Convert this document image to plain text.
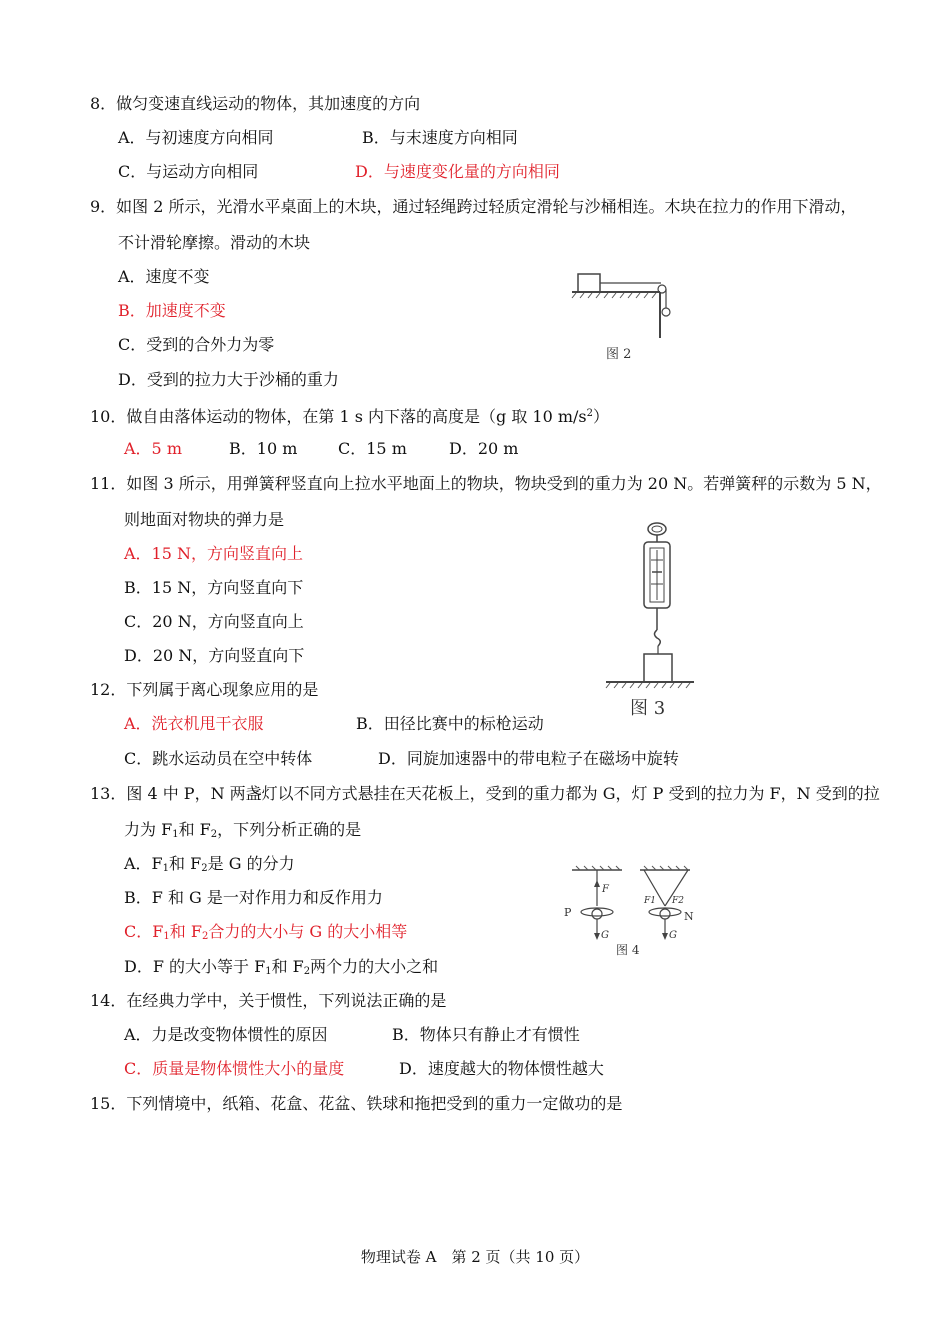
8．做匀变速直线运动的物体，其加速度的方向
A．与初速度方向相同	B．与末速度方向相同
C．与运动方向相同	D．与速度变化量的方向相同
9．如图 2 所示，光滑水平桌面上的木块，通过轻绳跨过轻质定滑轮与沙桶相连。木块在拉力的作用下滑动，
不计滑轮摩擦。滑动的木块
A．速度不变
B．加速度不变
C．受到的合外力为零
D．受到的拉力大于沙桶的重力
图 2
10．做自由落体运动的物体，在第 1 s 内下落的高度是（g 取 10 $m/s^2$）
A．5 m	B．10 m	C．15 m	D．20 m
11．如图 3 所示，用弹簧秤竖直向上拉水平地面上的物块，物块受到的重力为 20 N。若弹簧秤的示数为 5 N，
则地面对物块的弹力是
A．15 N，方向竖直向上
B．15 N，方向竖直向下
C．20 N，方向竖直向上
D．20 N，方向竖直向下
图 3
12．下列属于离心现象应用的是
A．洗衣机甩干衣服	B．田径比赛中的标枪运动
C．跳水运动员在空中转体	D．同旋加速器中的带电粒子在磁场中旋转
13．图 4 中 P，N 两盏灯以不同方式悬挂在天花板上，受到的重力都为 G，灯 P 受到的拉力为 F，N 受到的拉
力为 $F_1$和 $F_2$，下列分析正确的是
A．$F_1$和 $F_2$是 G 的分力
B．F 和 G 是一对作用力和反作用力
C．$F_1$和 $F_2$合力的大小与 G 的大小相等
D．F 的大小等于 $F_1$和 $F_2$两个力的大小之和
F
P
G
F1 F2
N
G
图 4
14．在经典力学中，关于惯性，下列说法正确的是
A．力是改变物体惯性的原因	B．物体只有静止才有惯性
C．质量是物体惯性大小的量度	D．速度越大的物体惯性越大
15．下列情境中，纸箱、花盒、花盆、铁球和拖把受到的重力一定做功的是
物理试卷 A　第 2 页（共 10 页）
